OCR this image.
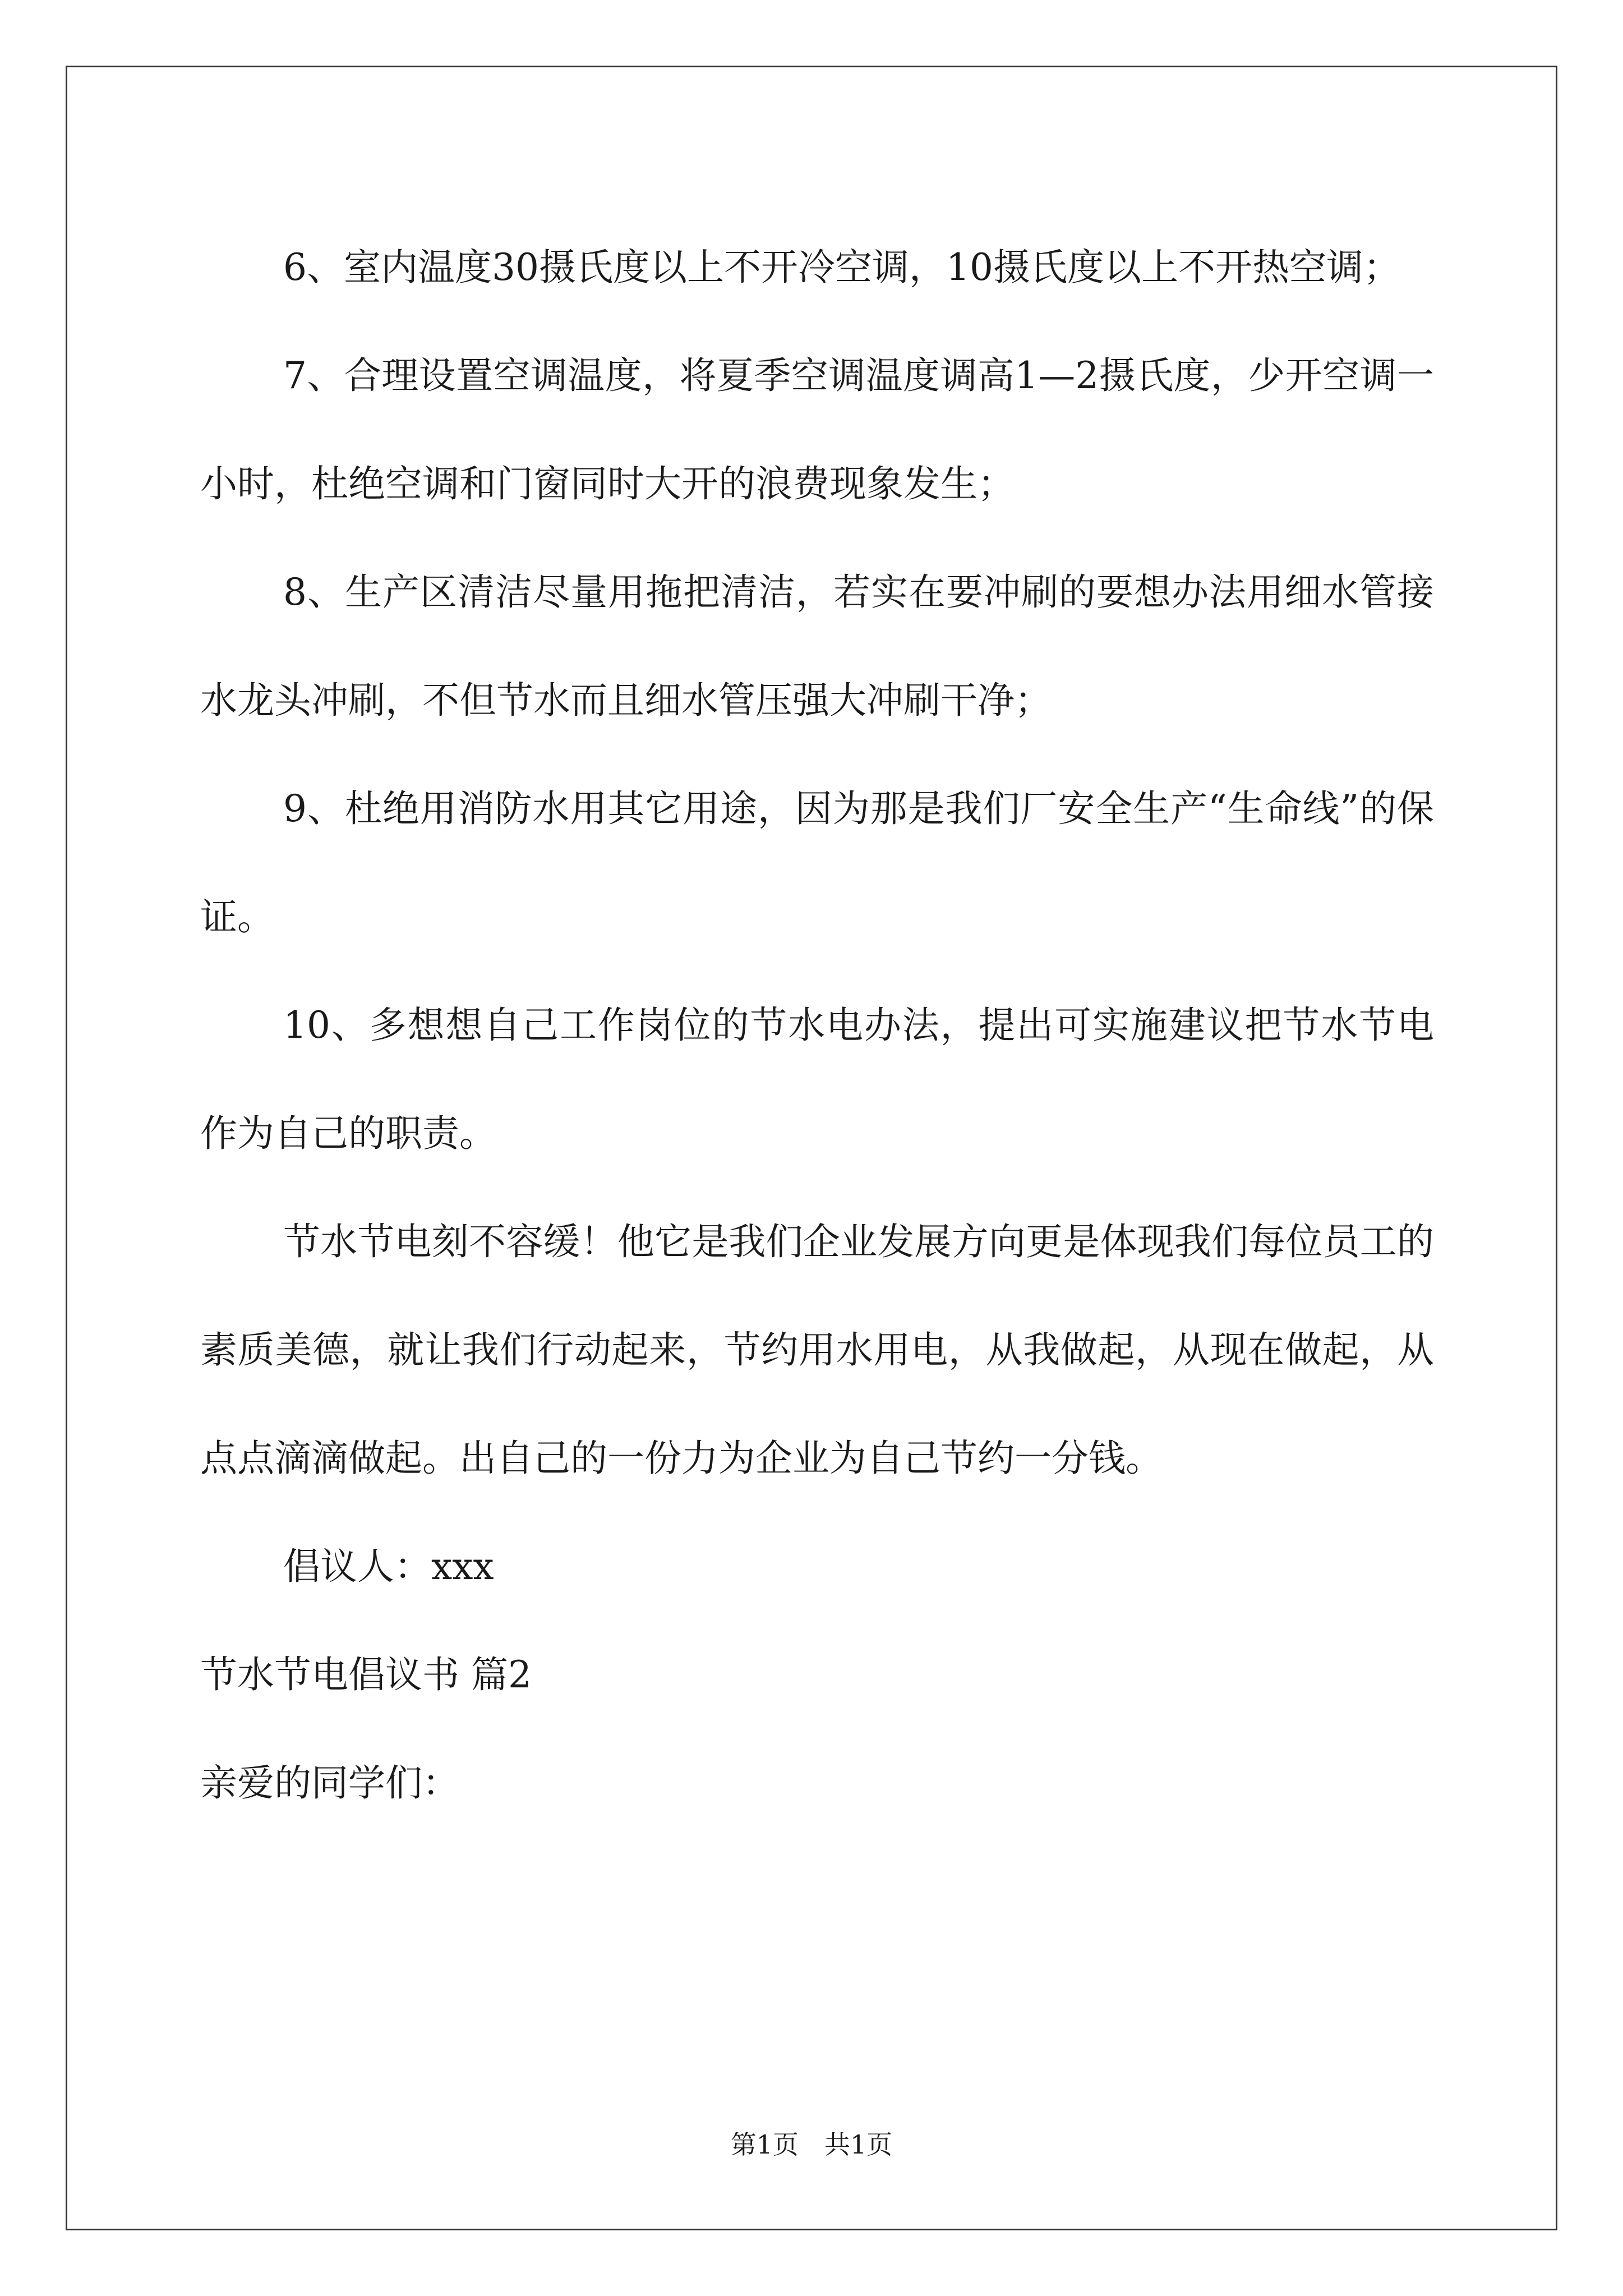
6、室内温度30摄氏度以上不开冷空调，10摄氏度以上不开热空调；

7、合理设置空调温度，将夏季空调温度调高1—2摄氏度，少开空调一小时，杜绝空调和门窗同时大开的浪费现象发生；

8、生产区清洁尽量用拖把清洁，若实在要冲刷的要想办法用细水管接水龙头冲刷，不但节水而且细水管压强大冲刷干净；

9、杜绝用消防水用其它用途，因为那是我们厂安全生产“生命线”的保证。

10、多想想自己工作岗位的节水电办法，提出可实施建议把节水节电作为自己的职责。

节水节电刻不容缓！他它是我们企业发展方向更是体现我们每位员工的素质美德，就让我们行动起来，节约用水用电，从我做起，从现在做起，从点点滴滴做起。出自己的一份力为企业为自己节约一分钱。

倡议人：xxx

节水节电倡议书 篇2

亲爱的同学们：

第1页 共1页
